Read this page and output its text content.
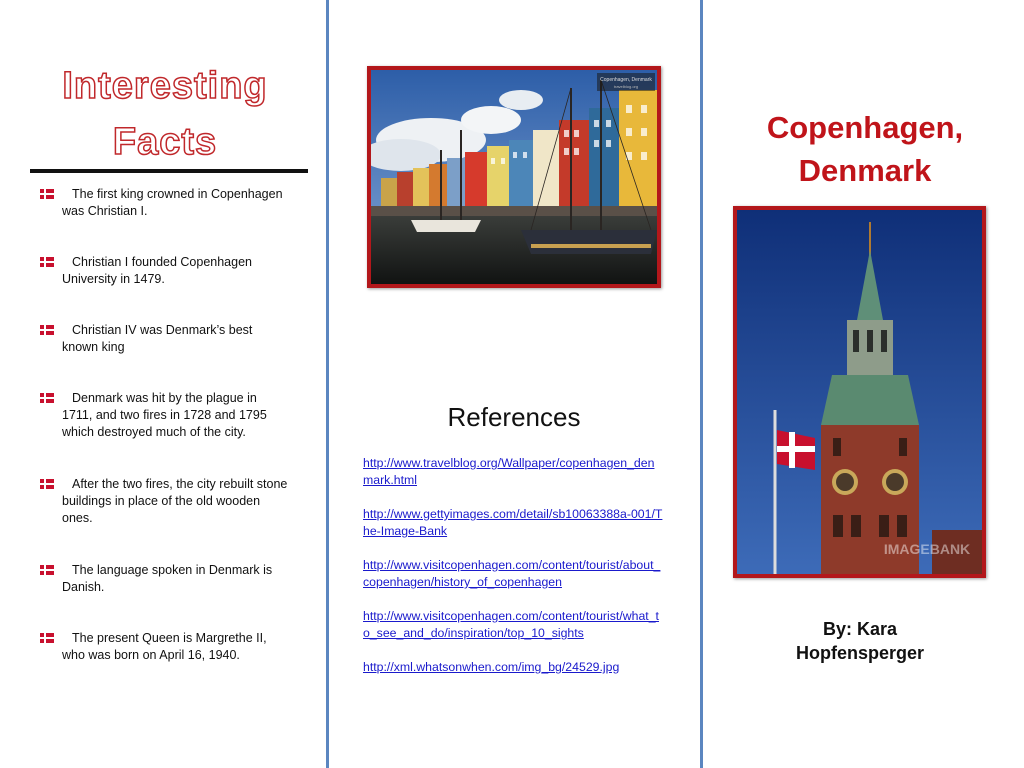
Interesting
Facts
The first king crowned in Copenhagen was Christian I.
Christian I founded Copenhagen University in 1479.
Christian IV was Denmark’s best known king
Denmark was hit by the plague in 1711, and two fires in 1728 and 1795 which destroyed much of the city.
After the two fires, the city rebuilt stone buildings in place of the old wooden ones.
The language spoken in Denmark is Danish.
The present Queen is Margrethe II, who was born on April 16, 1940.
Copenhagen, Denmark
travelblog.org
References
http://www.travelblog.org/Wallpaper/copenhagen_denmark.html
http://www.gettyimages.com/detail/sb10063388a-001/The-Image-Bank
http://www.visitcopenhagen.com/content/tourist/about_copenhagen/history_of_copenhagen
http://www.visitcopenhagen.com/content/tourist/what_to_see_and_do/inspiration/top_10_sights
http://xml.whatsonwhen.com/img_bg/24529.jpg
Copenhagen,
Denmark
IMAGEBANK
By: Kara
Hopfensperger
